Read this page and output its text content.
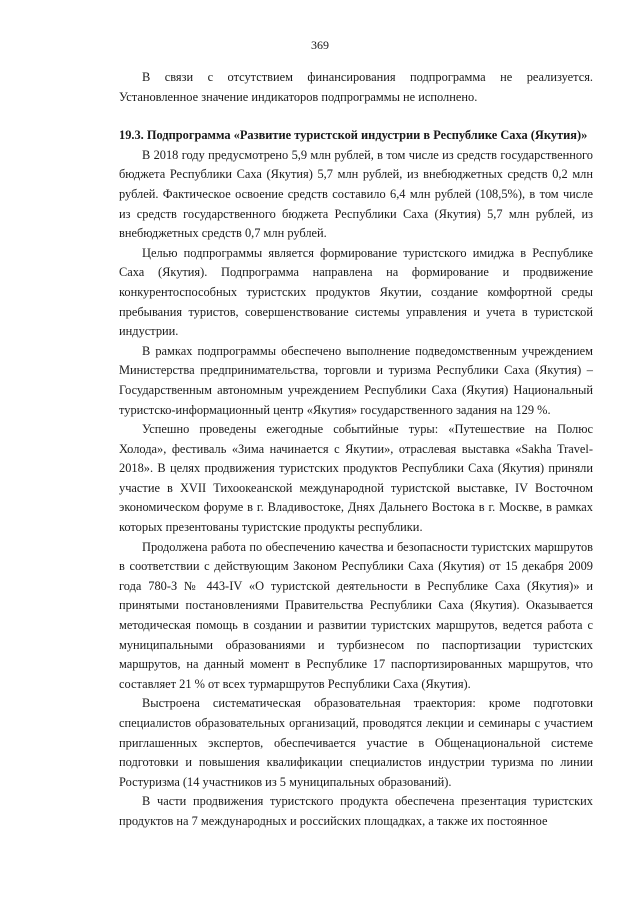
369

В связи с отсутствием финансирования подпрограмма не реализуется. Установленное значение индикаторов подпрограммы не исполнено.

19.3. Подпрограмма «Развитие туристской индустрии в Республике Саха (Якутия)»

В 2018 году предусмотрено 5,9 млн рублей, в том числе из средств государственного бюджета Республики Саха (Якутия) 5,7 млн рублей, из внебюджетных средств 0,2 млн рублей. Фактическое освоение средств составило 6,4 млн рублей (108,5%), в том числе из средств государственного бюджета Республики Саха (Якутия) 5,7 млн рублей, из внебюджетных средств 0,7 млн рублей.

Целью подпрограммы является формирование туристского имиджа в Республике Саха (Якутия). Подпрограмма направлена на формирование и продвижение конкурентоспособных туристских продуктов Якутии, создание комфортной среды пребывания туристов, совершенствование системы управления и учета в туристской индустрии.

В рамках подпрограммы обеспечено выполнение подведомственным учреждением Министерства предпринимательства, торговли и туризма Республики Саха (Якутия) – Государственным автономным учреждением Республики Саха (Якутия) Национальный туристско-информационный центр «Якутия» государственного задания на 129 %.

Успешно проведены ежегодные событийные туры: «Путешествие на Полюс Холода», фестиваль «Зима начинается с Якутии», отраслевая выставка «Sakha Travel-2018». В целях продвижения туристских продуктов Республики Саха (Якутия) приняли участие в XVII Тихоокеанской международной туристской выставке, IV Восточном экономическом форуме в г. Владивостоке, Днях Дальнего Востока в г. Москве, в рамках которых презентованы туристские продукты республики.

Продолжена работа по обеспечению качества и безопасности туристских маршрутов в соответствии с действующим Законом Республики Саха (Якутия) от 15 декабря 2009 года 780-З № 443-IV «О туристской деятельности в Республике Саха (Якутия)» и принятыми постановлениями Правительства Республики Саха (Якутия). Оказывается методическая помощь в создании и развитии туристских маршрутов, ведется работа с муниципальными образованиями и турбизнесом по паспортизации туристских маршрутов, на данный момент в Республике 17 паспортизированных маршрутов, что составляет 21 % от всех турмаршрутов Республики Саха (Якутия).

Выстроена систематическая образовательная траектория: кроме подготовки специалистов образовательных организаций, проводятся лекции и семинары с участием приглашенных экспертов, обеспечивается участие в Общенациональной системе подготовки и повышения квалификации специалистов индустрии туризма по линии Ростуризма (14 участников из 5 муниципальных образований).

В части продвижения туристского продукта обеспечена презентация туристских продуктов на 7 международных и российских площадках, а также их постоянное
